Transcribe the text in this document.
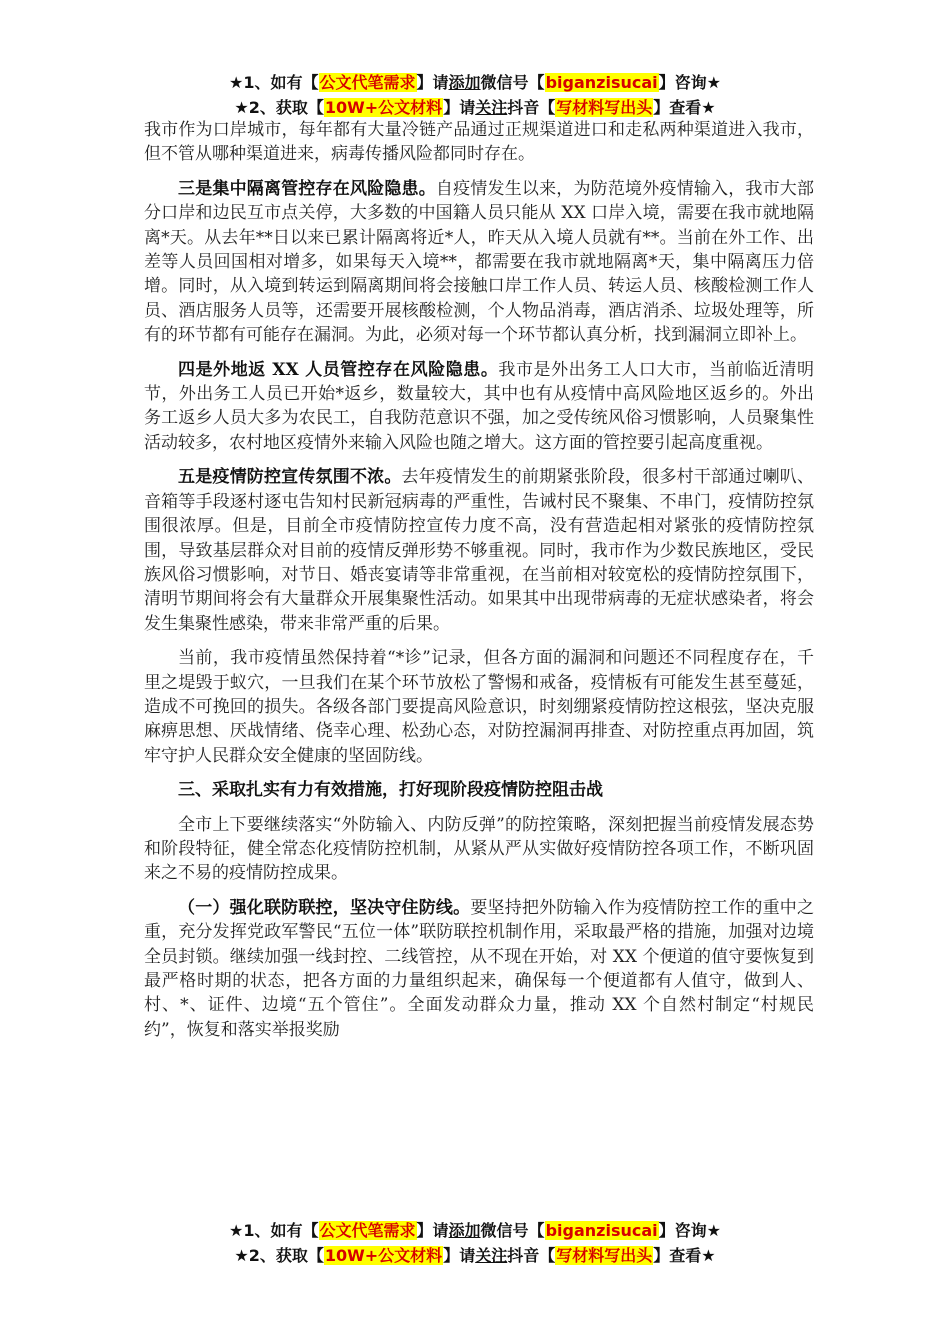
★1、如有【公文代笔需求】请添加微信号【biganzisucai】咨询★
★2、获取【10W+公文材料】请关注抖音【写材料写出头】查看★

我市作为口岸城市，每年都有大量冷链产品通过正规渠道进口和走私两种渠道进入我市，但不管从哪种渠道进来，病毒传播风险都同时存在。

三是集中隔离管控存在风险隐患。自疫情发生以来，为防范境外疫情输入，我市大部分口岸和边民互市点关停，大多数的中国籍人员只能从 XX 口岸入境，需要在我市就地隔离*天。从去年**日以来已累计隔离将近*人，昨天从入境人员就有**。当前在外工作、出差等人员回国相对增多，如果每天入境**，都需要在我市就地隔离*天，集中隔离压力倍增。同时，从入境到转运到隔离期间将会接触口岸工作人员、转运人员、核酸检测工作人员、酒店服务人员等，还需要开展核酸检测，个人物品消毒，酒店消杀、垃圾处理等，所有的环节都有可能存在漏洞。为此，必须对每一个环节都认真分析，找到漏洞立即补上。

四是外地返 XX 人员管控存在风险隐患。我市是外出务工人口大市，当前临近清明节，外出务工人员已开始*返乡，数量较大，其中也有从疫情中高风险地区返乡的。外出务工返乡人员大多为农民工，自我防范意识不强，加之受传统风俗习惯影响，人员聚集性活动较多，农村地区疫情外来输入风险也随之增大。这方面的管控要引起高度重视。

五是疫情防控宣传氛围不浓。去年疫情发生的前期紧张阶段，很多村干部通过喇叭、音箱等手段逐村逐屯告知村民新冠病毒的严重性，告诫村民不聚集、不串门，疫情防控氛围很浓厚。但是，目前全市疫情防控宣传力度不高，没有营造起相对紧张的疫情防控氛围，导致基层群众对目前的疫情反弹形势不够重视。同时，我市作为少数民族地区，受民族风俗习惯影响，对节日、婚丧宴请等非常重视，在当前相对较宽松的疫情防控氛围下，清明节期间将会有大量群众开展集聚性活动。如果其中出现带病毒的无症状感染者，将会发生集聚性感染，带来非常严重的后果。

当前，我市疫情虽然保持着“*诊”记录，但各方面的漏洞和问题还不同程度存在，千里之堤毁于蚁穴，一旦我们在某个环节放松了警惕和戒备，疫情板有可能发生甚至蔓延，造成不可挽回的损失。各级各部门要提高风险意识，时刻绷紧疫情防控这根弦，坚决克服麻痹思想、厌战情绪、侥幸心理、松劲心态，对防控漏洞再排查、对防控重点再加固，筑牢守护人民群众安全健康的坚固防线。

三、采取扎实有力有效措施，打好现阶段疫情防控阻击战

全市上下要继续落实“外防输入、内防反弹”的防控策略，深刻把握当前疫情发展态势和阶段特征，健全常态化疫情防控机制，从紧从严从实做好疫情防控各项工作，不断巩固来之不易的疫情防控成果。

（一）强化联防联控，坚决守住防线。要坚持把外防输入作为疫情防控工作的重中之重，充分发挥党政军警民“五位一体”联防联控机制作用，采取最严格的措施，加强对边境全员封锁。继续加强一线封控、二线管控，从不现在开始，对 XX 个便道的值守要恢复到最严格时期的状态，把各方面的力量组织起来，确保每一个便道都有人值守，做到人、村、*、证件、边境“五个管住”。全面发动群众力量，推动 XX 个自然村制定“村规民约”，恢复和落实举报奖励

★1、如有【公文代笔需求】请添加微信号【biganzisucai】咨询★
★2、获取【10W+公文材料】请关注抖音【写材料写出头】查看★
